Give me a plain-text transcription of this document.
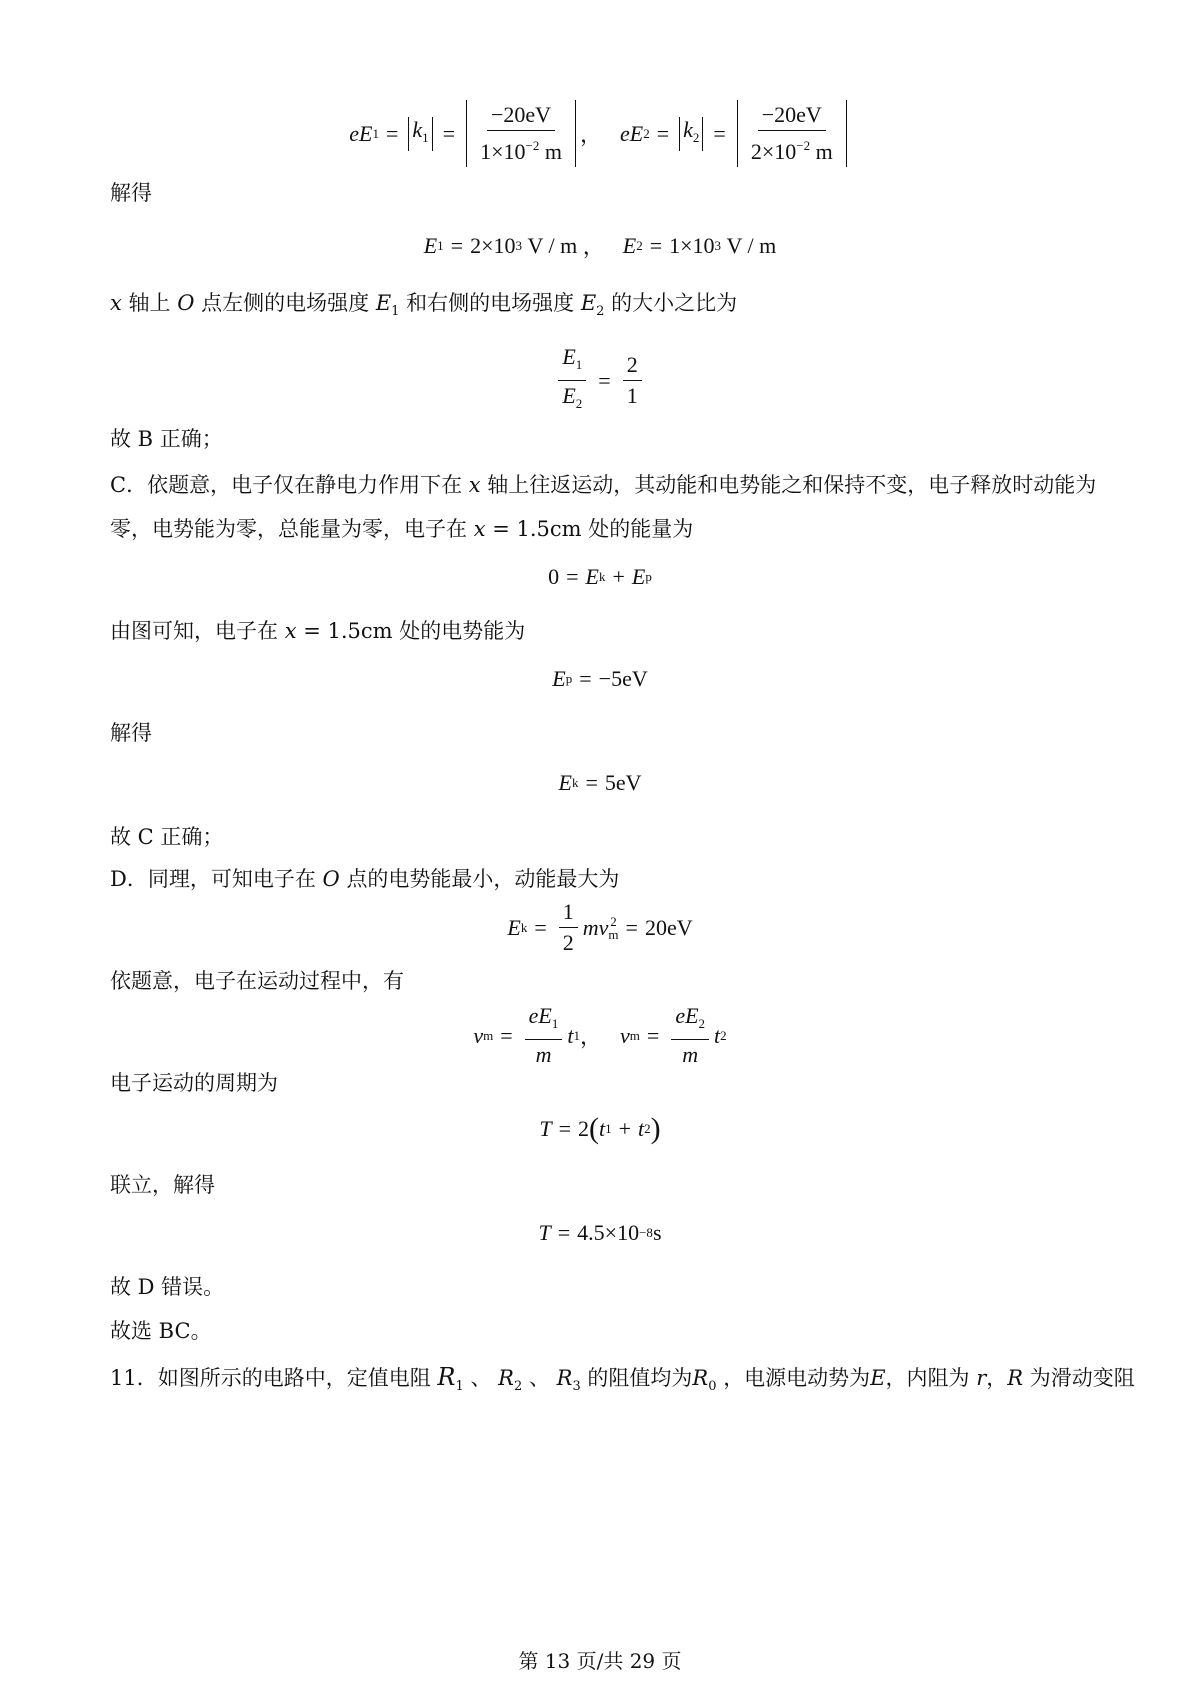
eE $1 = k_1 = \frac{-20eV}{1\times 10^{-2} m}$ ， eE $2 = k_2 = \frac{-20eV}{2\times 10^{-2} m}$
解得
E 1 = 2×10 3
V / m ， E 2 = 1×10 3
V / m
x 轴上 O 点左侧的电场强度 $E_1$ 和右侧的电场强度 $E_2$ 的大小之比为
$\frac{E_1}{E_2} = \frac{2}{1}$
故 B 正确；
C．依题意，电子仅在静电力作用下在 x 轴上往返运动，其动能和电势能之和保持不变，电子释放时动能为
零，电势能为零，总能量为零，电子在 x = 1.5cm 处的能量为
0 = E k + E p
由图可知，电子在 x = 1.5cm 处的电势能为
E p = −5eV
解得
E k = 5eV
故 C 正确；
D．同理，可知电子在 O 点的电势能最小，动能最大为
E $k = \frac{1}{2}$ mv 2
m = 20eV
依题意，电子在运动过程中，有
v $m = \frac{eE_1}{m}$ t 1 ， v $m = \frac{eE_2}{m}$ t 2
电子运动的周期为
T = 2 ( t 1 + t 2 )
联立，解得
T = 4.5×10 −8 s
故 D 错误。
故选 BC。
11．如图所示的电路中，定值电阻 $R_1$ 、 $R_2$ 、 $R_3$ 的阻值均为$R_0$ ，电源电动势为E，内阻为 r，R 为滑动变阻
第 13 页/共 29 页
